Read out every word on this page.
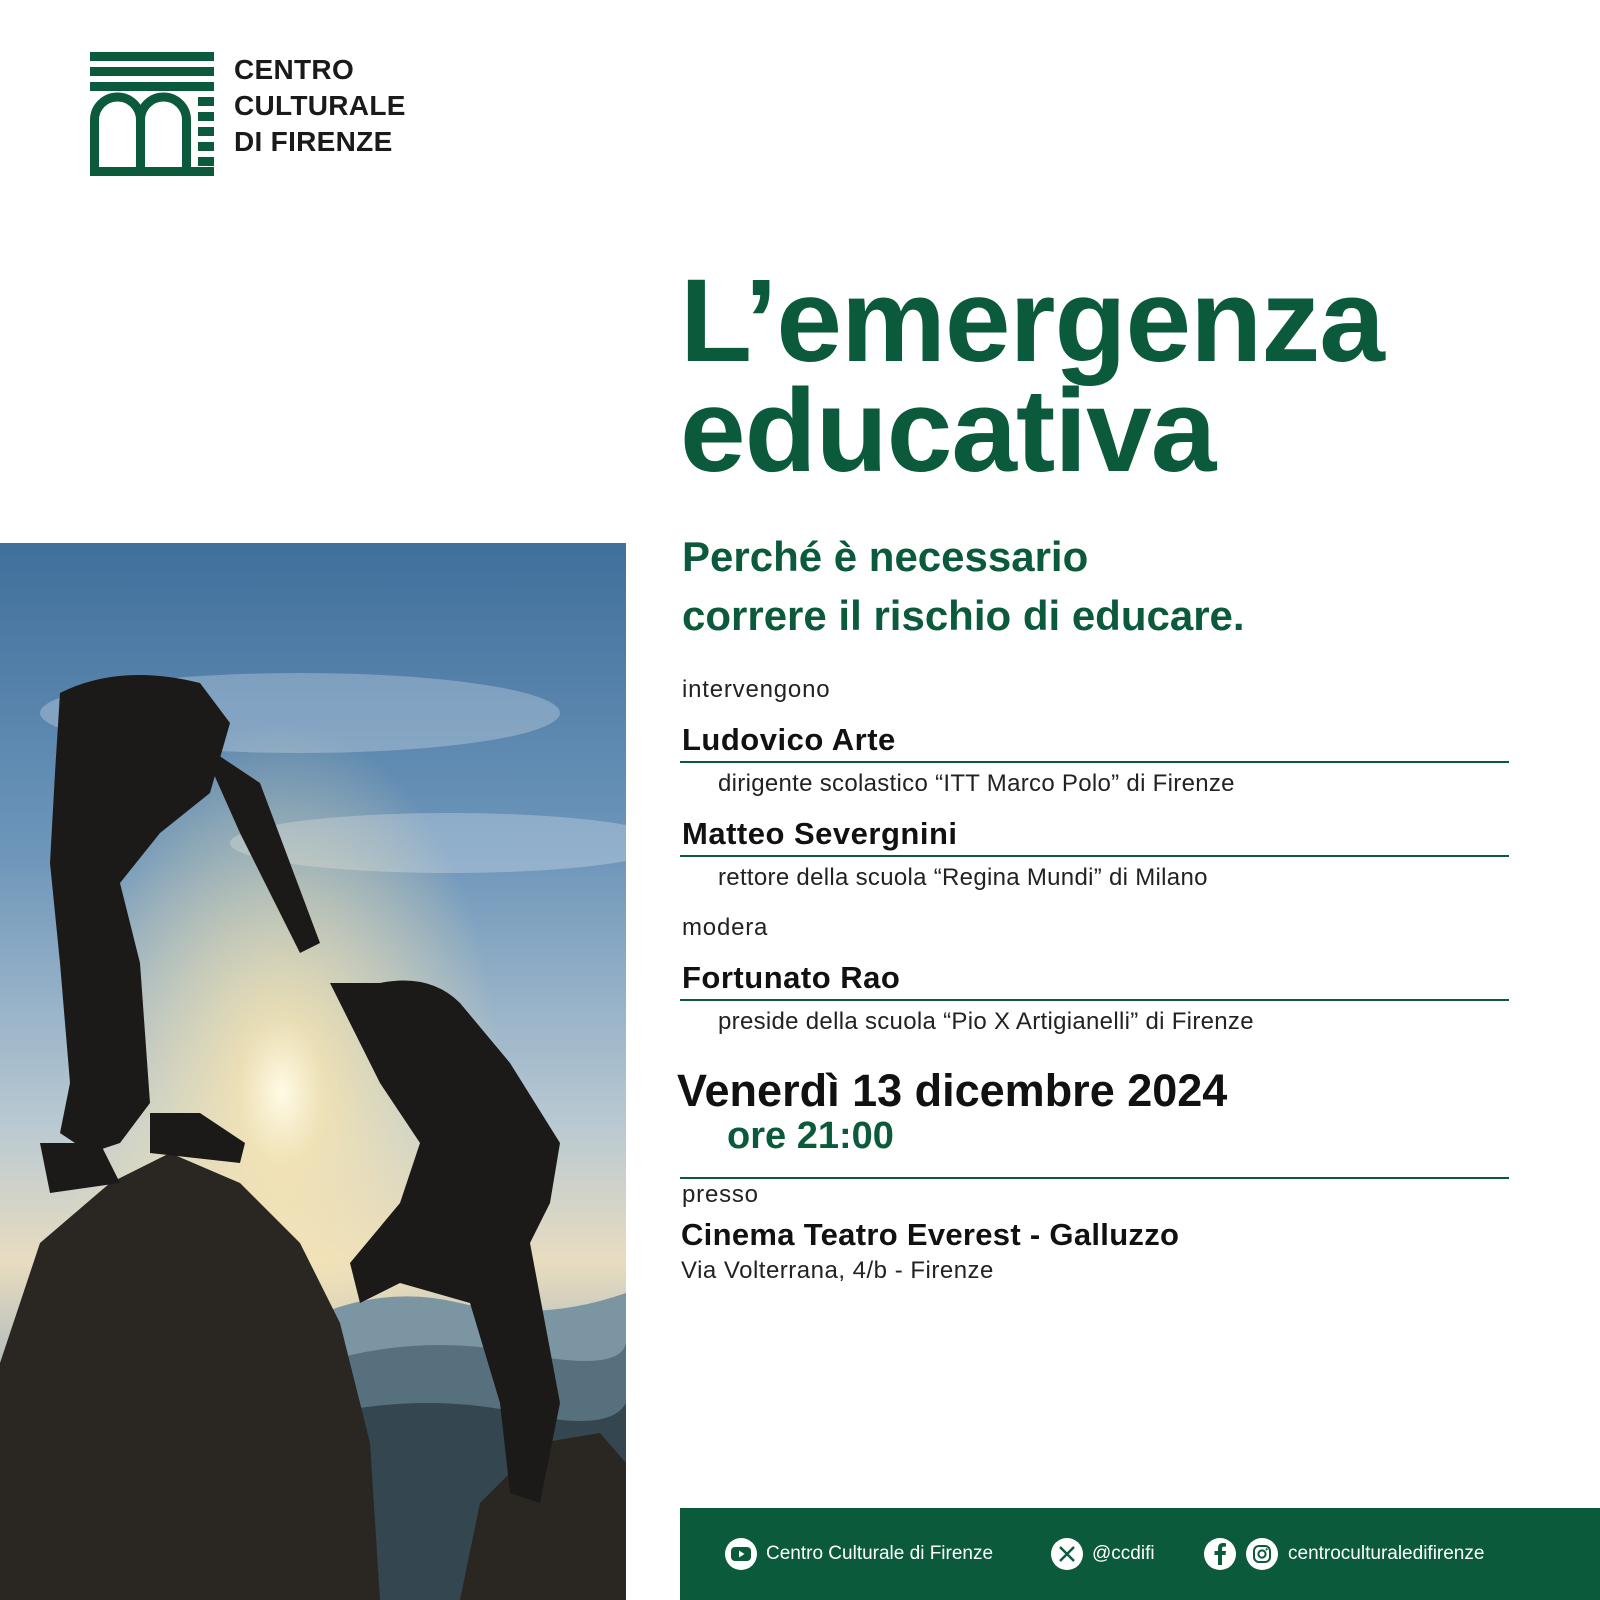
CENTRO
CULTURALE
DI FIRENZE
L’emergenza
educativa
Perché è necessario
correre il rischio di educare.
intervengono
Ludovico Arte
dirigente scolastico “ITT Marco Polo” di Firenze
Matteo Severgnini
rettore della scuola “Regina Mundi” di Milano
modera
Fortunato Rao
preside della scuola “Pio X Artigianelli” di Firenze
Venerdì 13 dicembre 2024
ore 21:00
presso
Cinema Teatro Everest - Galluzzo
Via Volterrana, 4/b - Firenze
Centro Culturale di Firenze	@ccdifi	centroculturaledifirenze
